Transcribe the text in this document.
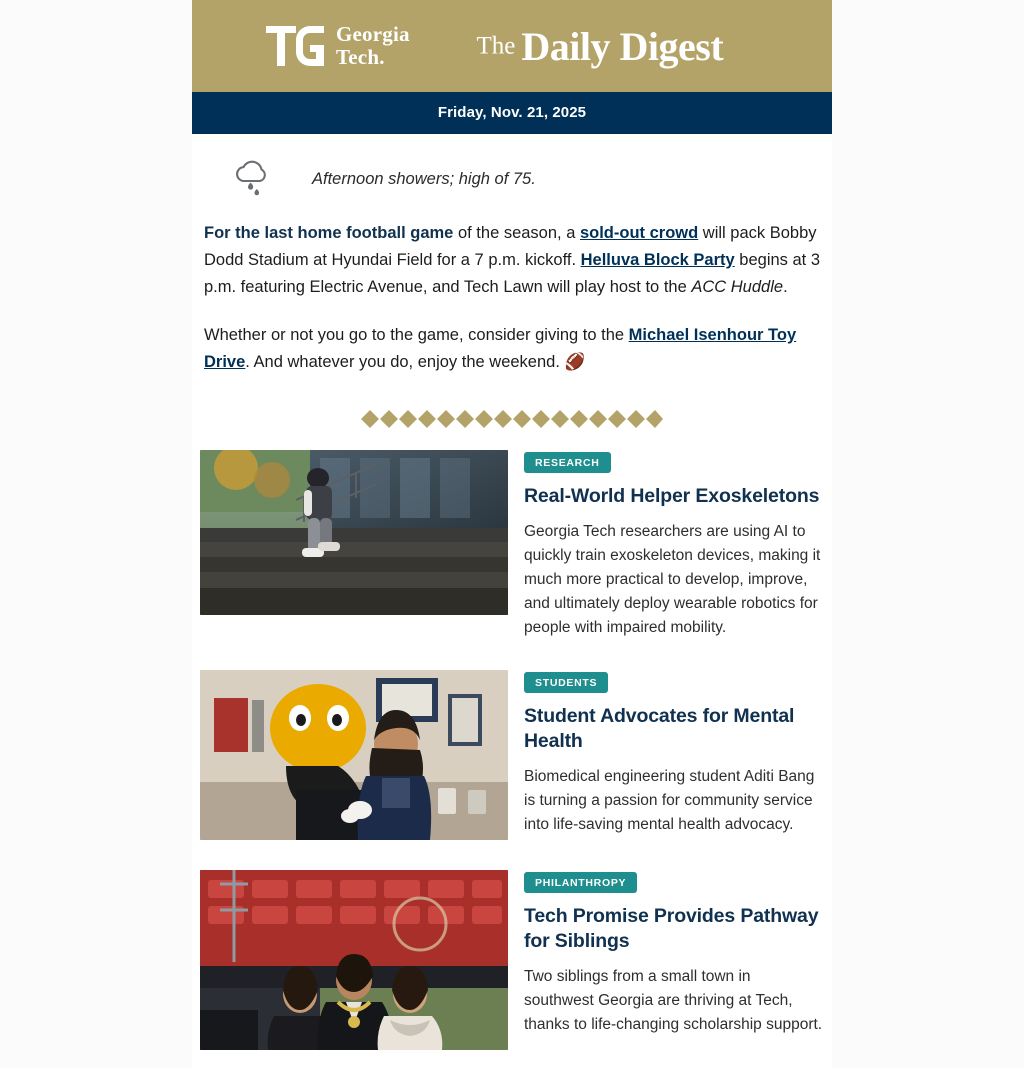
Georgia
Tech.	The Daily Digest
Friday, Nov. 21, 2025
Afternoon showers; high of 75.

For the last home football game of the season, a sold-out crowd will pack Bobby Dodd Stadium at Hyundai Field for a 7 p.m. kickoff. Helluva Block Party begins at 3 p.m. featuring Electric Avenue, and Tech Lawn will play host to the ACC Huddle.

Whether or not you go to the game, consider giving to the Michael Isenhour Toy Drive. And whatever you do, enjoy the weekend. 🏈

RESEARCH
Real-World Helper Exoskeletons

Georgia Tech researchers are using AI to quickly train exoskeleton devices, making it much more practical to develop, improve, and ultimately deploy wearable robotics for people with impaired mobility.

STUDENTS
Student Advocates for Mental Health

Biomedical engineering student Aditi Bang is turning a passion for community service into life-saving mental health advocacy.

PHILANTHROPY
Tech Promise Provides Pathway for Siblings

Two siblings from a small town in southwest Georgia are thriving at Tech, thanks to life-changing scholarship support.
